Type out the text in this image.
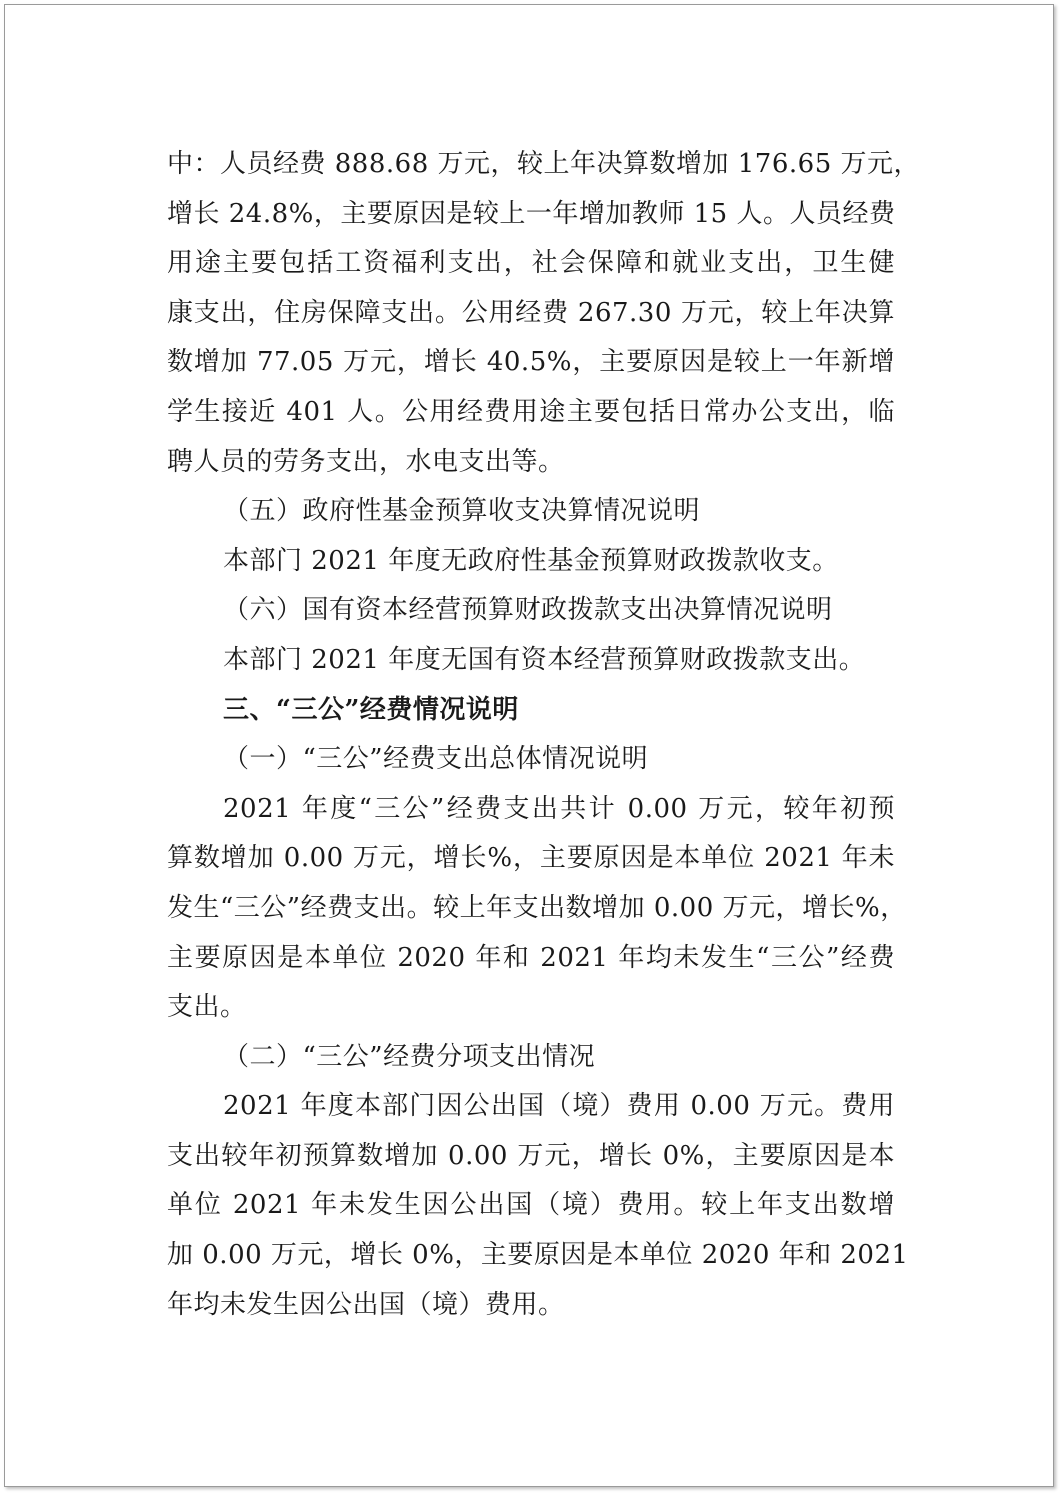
中：人员经费 888.68 万元，较上年决算数增加 176.65 万元，
增长 24.8%，主要原因是较上一年增加教师 15 人。人员经费
用途主要包括工资福利支出，社会保障和就业支出，卫生健
康支出，住房保障支出。公用经费 267.30 万元，较上年决算
数增加 77.05 万元，增长 40.5%，主要原因是较上一年新增
学生接近 401 人。公用经费用途主要包括日常办公支出，临
聘人员的劳务支出，水电支出等。
（五）政府性基金预算收支决算情况说明
本部门 2021 年度无政府性基金预算财政拨款收支。
（六）国有资本经营预算财政拨款支出决算情况说明
本部门 2021 年度无国有资本经营预算财政拨款支出。
三、“三公”经费情况说明
（一）“三公”经费支出总体情况说明
2021 年度“三公”经费支出共计 0.00 万元，较年初预
算数增加 0.00 万元，增长%，主要原因是本单位 2021 年未
发生“三公”经费支出。较上年支出数增加 0.00 万元，增长%，
主要原因是本单位 2020 年和 2021 年均未发生“三公”经费
支出。
（二）“三公”经费分项支出情况
2021 年度本部门因公出国（境）费用 0.00 万元。费用
支出较年初预算数增加 0.00 万元，增长 0%，主要原因是本
单位 2021 年未发生因公出国（境）费用。较上年支出数增
加 0.00 万元，增长 0%，主要原因是本单位 2020 年和 2021
年均未发生因公出国（境）费用。
